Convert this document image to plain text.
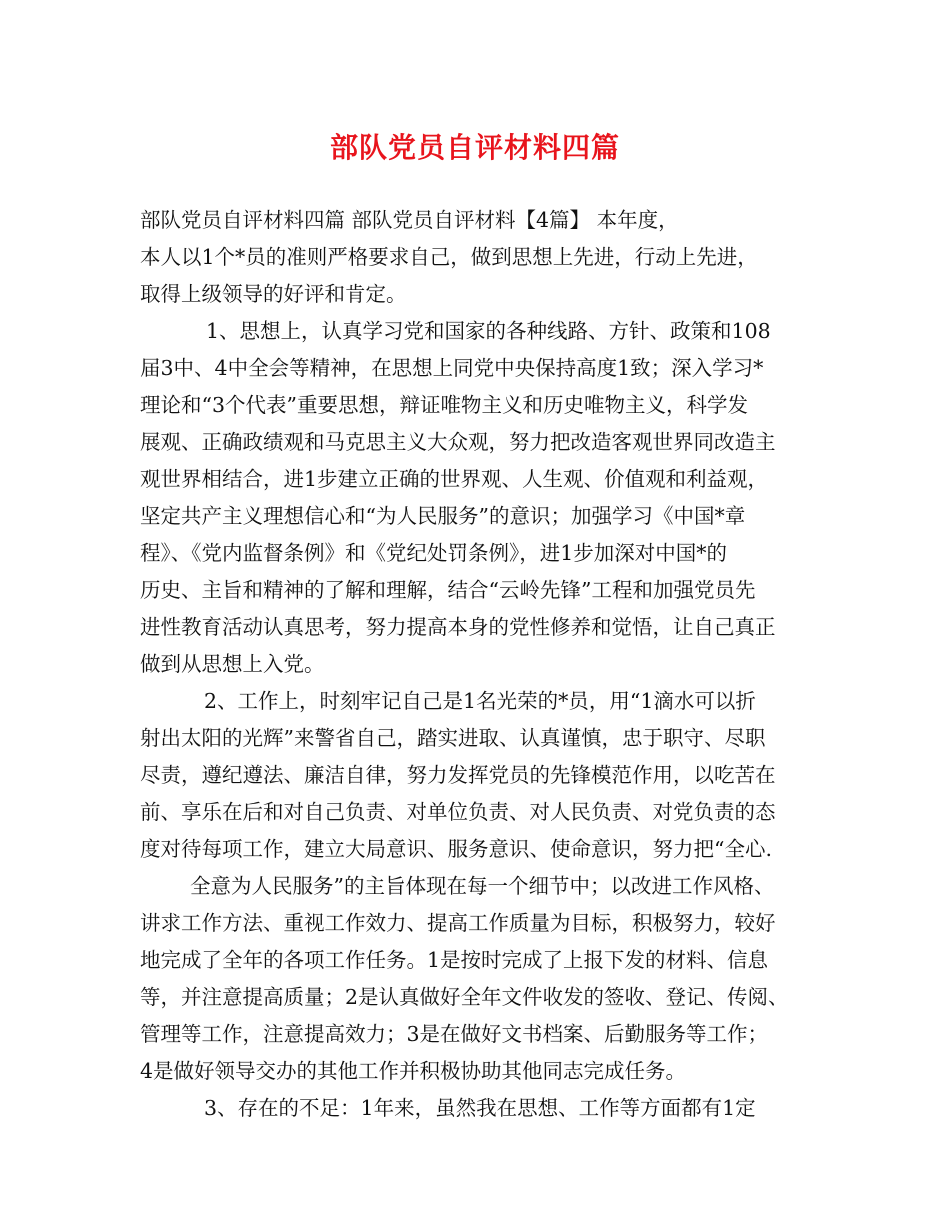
部队党员自评材料四篇
部队党员自评材料四篇 部队党员自评材料【4篇】 本年度，
本人以1个*员的准则严格要求自己，做到思想上先进，行动上先进，
取得上级领导的好评和肯定。
1、思想上，认真学习党和国家的各种线路、方针、政策和108
届3中、4中全会等精神，在思想上同党中央保持高度1致；深入学习*
理论和“3个代表”重要思想，辩证唯物主义和历史唯物主义，科学发
展观、正确政绩观和马克思主义大众观，努力把改造客观世界同改造主
观世界相结合，进1步建立正确的世界观、人生观、价值观和利益观，
坚定共产主义理想信心和“为人民服务”的意识；加强学习《中国*章
程》、《党内监督条例》和《党纪处罚条例》，进1步加深对中国*的
历史、主旨和精神的了解和理解，结合“云岭先锋”工程和加强党员先
进性教育活动认真思考，努力提高本身的党性修养和觉悟，让自己真正
做到从思想上入党。
2、工作上，时刻牢记自己是1名光荣的*员，用“1滴水可以折
射出太阳的光辉”来警省自己，踏实进取、认真谨慎，忠于职守、尽职
尽责，遵纪遵法、廉洁自律，努力发挥党员的先锋模范作用，以吃苦在
前、享乐在后和对自己负责、对单位负责、对人民负责、对党负责的态
度对待每项工作，建立大局意识、服务意识、使命意识，努力把“全心.
全意为人民服务”的主旨体现在每一个细节中；以改进工作风格、
讲求工作方法、重视工作效力、提高工作质量为目标，积极努力，较好
地完成了全年的各项工作任务。1是按时完成了上报下发的材料、信息
等，并注意提高质量；2是认真做好全年文件收发的签收、登记、传阅、
管理等工作，注意提高效力；3是在做好文书档案、后勤服务等工作；
4是做好领导交办的其他工作并积极协助其他同志完成任务。
3、存在的不足：1年来，虽然我在思想、工作等方面都有1定
